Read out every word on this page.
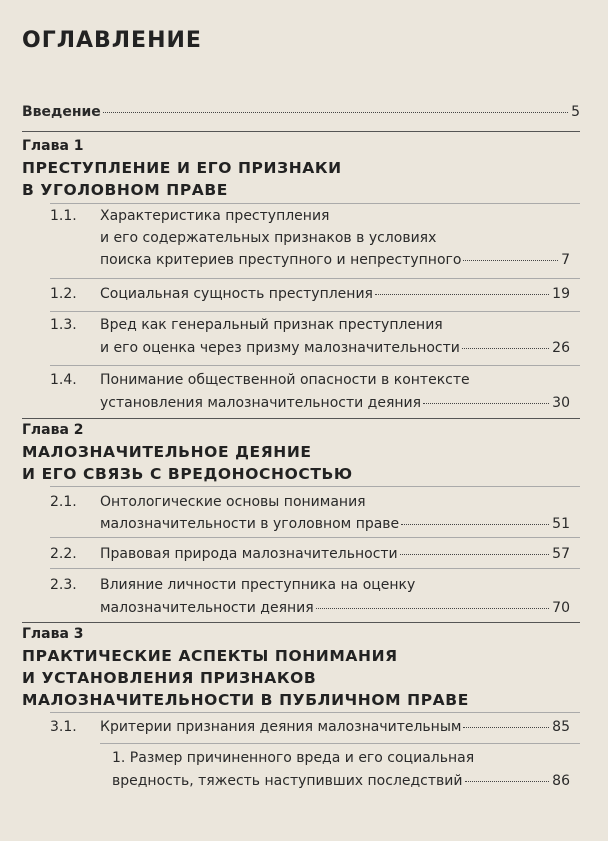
ОГЛАВЛЕНИЕ
Введение	5
Глава 1
ПРЕСТУПЛЕНИЕ И ЕГО ПРИЗНАКИ
В УГОЛОВНОМ ПРАВЕ
1.1. Характеристика преступления
и его содержательных признаков в условиях
поиска критериев преступного и непреступного	7
1.2. Социальная сущность преступления	19
1.3. Вред как генеральный признак преступления
и его оценка через призму малозначительности	26
1.4. Понимание общественной опасности в контексте
установления малозначительности деяния	30
Глава 2
МАЛОЗНАЧИТЕЛЬНОЕ ДЕЯНИЕ
И ЕГО СВЯЗЬ С ВРЕДОНОСНОСТЬЮ
2.1. Онтологические основы понимания
малозначительности в уголовном праве	51
2.2. Правовая природа малозначительности	57
2.3. Влияние личности преступника на оценку
малозначительности деяния	70
Глава 3
ПРАКТИЧЕСКИЕ АСПЕКТЫ ПОНИМАНИЯ
И УСТАНОВЛЕНИЯ ПРИЗНАКОВ
МАЛОЗНАЧИТЕЛЬНОСТИ В ПУБЛИЧНОМ ПРАВЕ
3.1. Критерии признания деяния малозначительным	85
1. Размер причиненного вреда и его социальная
вредность, тяжесть наступивших последствий	86
